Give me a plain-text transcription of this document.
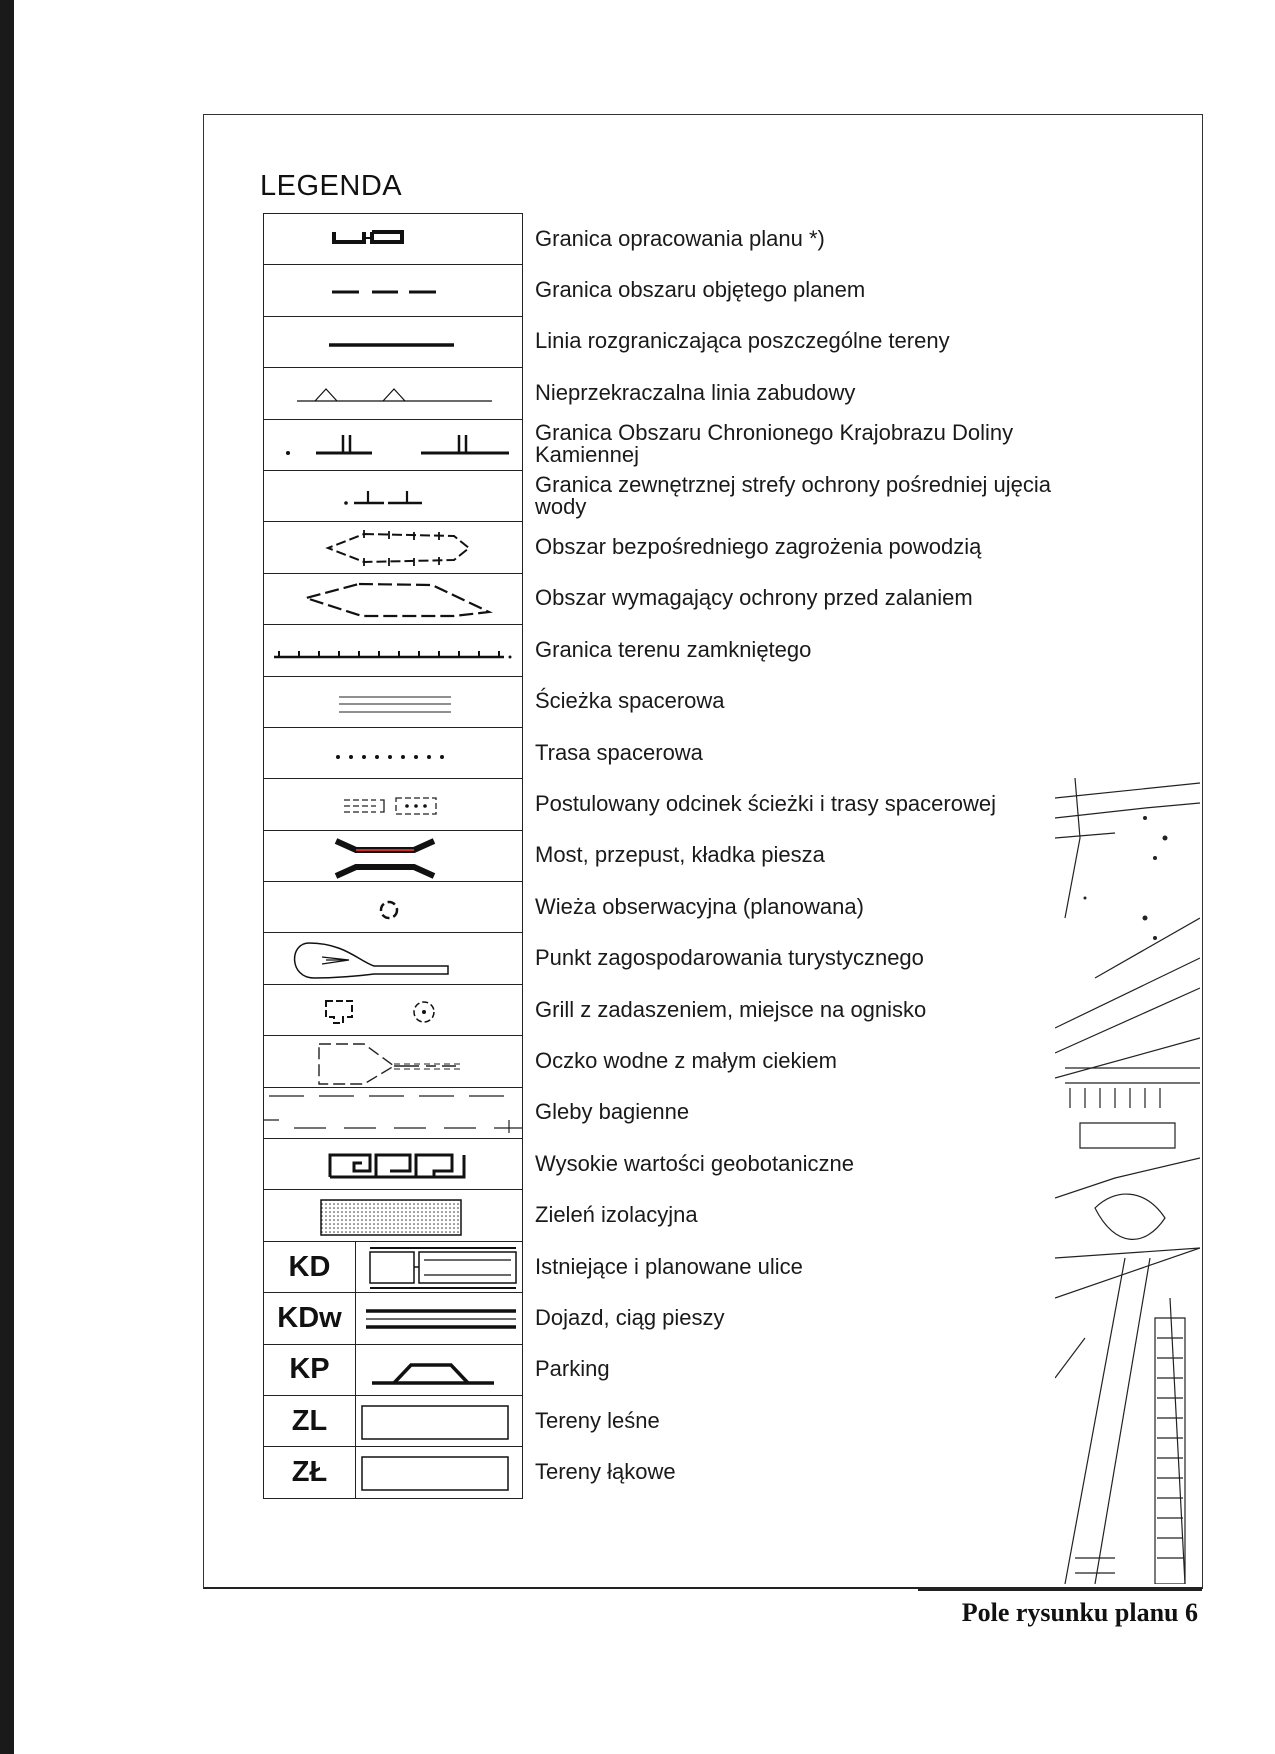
LEGENDA
KD
KDw
KP
ZL
ZŁ
Granica opracowania planu *)
Granica obszaru objętego planem
Linia rozgraniczająca poszczególne tereny
Nieprzekraczalna linia zabudowy
Granica Obszaru Chronionego Krajobrazu Doliny Kamiennej
Granica zewnętrznej strefy ochrony pośredniej ujęcia wody
Obszar bezpośredniego zagrożenia powodzią
Obszar wymagający ochrony przed zalaniem
Granica terenu zamkniętego
Ścieżka spacerowa
Trasa spacerowa
Postulowany odcinek ścieżki i trasy spacerowej
Most, przepust, kładka piesza
Wieża obserwacyjna (planowana)
Punkt zagospodarowania turystycznego
Grill z zadaszeniem, miejsce na ognisko
Oczko wodne z małym ciekiem
Gleby bagienne
Wysokie wartości geobotaniczne
Zieleń izolacyjna
Istniejące i planowane ulice
Dojazd, ciąg pieszy
Parking
Tereny leśne
Tereny łąkowe
Pole rysunku planu 6
